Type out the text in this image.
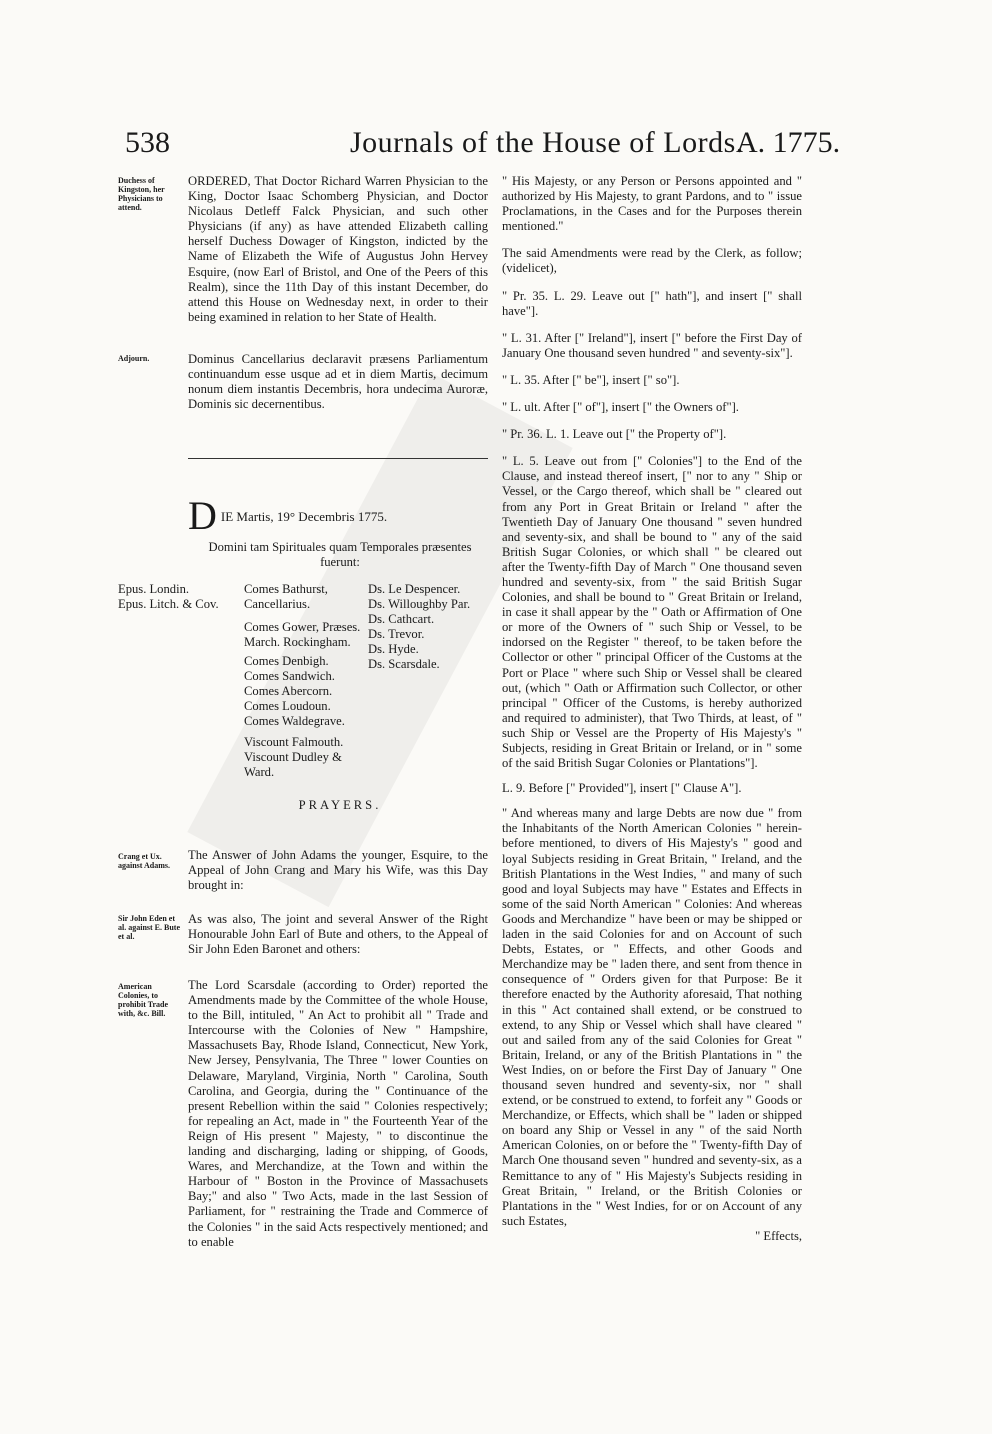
538	Journals of the House of Lords.
A. 1775.
Duchess of Kingston, her Physicians to attend.

ORDERED, That Doctor Richard Warren Physician to the King, Doctor Isaac Schomberg Physician, and Doctor Nicolaus Detleff Falck Physician, and such other Physicians (if any) as have attended Elizabeth calling herself Duchess Dowager of Kingston, indicted by the Name of Elizabeth the Wife of Augustus John Hervey Esquire, (now Earl of Bristol, and One of the Peers of this Realm), since the 11th Day of this instant December, do attend this House on Wednesday next, in order to their being examined in relation to her State of Health.

Adjourn.	Dominus Cancellarius declaravit præsens Parliamentum continuandum esse usque ad et in diem Martis, decimum nonum diem instantis Decembris, hora undecima Auroræ, Dominis sic decernentibus.

D $_{IE Martis, 19^\circ Decembris 1775.}$
Domini tam Spirituales quam Temporales præsentes fuerunt:
Epus. Londin.
Epus. Litch. & Cov.
Comes Bathurst, Cancellarius.
Comes Gower, Præses.
March. Rockingham.
Comes Denbigh.
Comes Sandwich.
Comes Abercorn.
Comes Loudoun.
Comes Waldegrave.
Viscount Falmouth.
Viscount Dudley & Ward.
Ds. Le Despencer.
Ds. Willoughby Par.
Ds. Cathcart.
Ds. Trevor.
Ds. Hyde.
Ds. Scarsdale.
PRAYERS.
Crang et Ux. against Adams.

The Answer of John Adams the younger, Esquire, to the Appeal of John Crang and Mary his Wife, was this Day brought in:

Sir John Eden et al. against E. Bute et al.

As was also, The joint and several Answer of the Right Honourable John Earl of Bute and others, to the Appeal of Sir John Eden Baronet and others:

American Colonies, to prohibit Trade with, &c. Bill.

The Lord Scarsdale (according to Order) reported the Amendments made by the Committee of the whole House, to the Bill, intituled, " An Act to prohibit all " Trade and Intercourse with the Colonies of New " Hampshire, Massachusets Bay, Rhode Island, Connecticut, New York, New Jersey, Pensylvania, The Three " lower Counties on Delaware, Maryland, Virginia, North " Carolina, South Carolina, and Georgia, during the " Continuance of the present Rebellion within the said " Colonies respectively; for repealing an Act, made in " the Fourteenth Year of the Reign of His present " Majesty, " to discontinue the landing and discharging, lading or shipping, of Goods, Wares, and Merchandize, at the Town and within the Harbour of " Boston in the Province of Massachusets Bay;" and also " Two Acts, made in the last Session of Parliament, for " restraining the Trade and Commerce of the Colonies " in the said Acts respectively mentioned; and to enable

" His Majesty, or any Person or Persons appointed and " authorized by His Majesty, to grant Pardons, and to " issue Proclamations, in the Cases and for the Purposes therein mentioned."

The said Amendments were read by the Clerk, as follow; (videlicet),

" Pr. 35. L. 29. Leave out [" hath"], and insert [" shall have"].

" L. 31. After [" Ireland"], insert [" before the First Day of January One thousand seven hundred " and seventy-six"].

" L. 35. After [" be"], insert [" so"].

" L. ult. After [" of"], insert [" the Owners of"].

" Pr. 36. L. 1. Leave out [" the Property of"].

" L. 5. Leave out from [" Colonies"] to the End of the Clause, and instead thereof insert, [" nor to any " Ship or Vessel, or the Cargo thereof, which shall be " cleared out from any Port in Great Britain or Ireland " after the Twentieth Day of January One thousand " seven hundred and seventy-six, and shall be bound to " any of the said British Sugar Colonies, or which shall " be cleared out after the Twenty-fifth Day of March " One thousand seven hundred and seventy-six, from " the said British Sugar Colonies, and shall be bound to " Great Britain or Ireland, in case it shall appear by the " Oath or Affirmation of One or more of the Owners of " such Ship or Vessel, to be indorsed on the Register " thereof, to be taken before the Collector or other " principal Officer of the Customs at the Port or Place " where such Ship or Vessel shall be cleared out, (which " Oath or Affirmation such Collector, or other principal " Officer of the Customs, is hereby authorized and required to administer), that Two Thirds, at least, of " such Ship or Vessel are the Property of His Majesty's " Subjects, residing in Great Britain or Ireland, or in " some of the said British Sugar Colonies or Plantations"].

L. 9. Before [" Provided"], insert [" Clause A"].

" And whereas many and large Debts are now due " from the Inhabitants of the North American Colonies " herein-before mentioned, to divers of His Majesty's " good and loyal Subjects residing in Great Britain, " Ireland, and the British Plantations in the West Indies, " and many of such good and loyal Subjects may have " Estates and Effects in some of the said North American " Colonies: And whereas Goods and Merchandize " have been or may be shipped or laden in the said Colonies for and on Account of such Debts, Estates, or " Effects, and other Goods and Merchandize may be " laden there, and sent from thence in consequence of " Orders given for that Purpose: Be it therefore enacted by the Authority aforesaid, That nothing in this " Act contained shall extend, or be construed to extend, to any Ship or Vessel which shall have cleared " out and sailed from any of the said Colonies for Great " Britain, Ireland, or any of the British Plantations in " the West Indies, on or before the First Day of January " One thousand seven hundred and seventy-six, nor " shall extend, or be construed to extend, to forfeit any " Goods or Merchandize, or Effects, which shall be " laden or shipped on board any Ship or Vessel in any " of the said North American Colonies, on or before the " Twenty-fifth Day of March One thousand seven " hundred and seventy-six, as a Remittance to any of " His Majesty's Subjects residing in Great Britain, " Ireland, or the British Colonies or Plantations in the " West Indies, for or on Account of any such Estates,

" Effects,
